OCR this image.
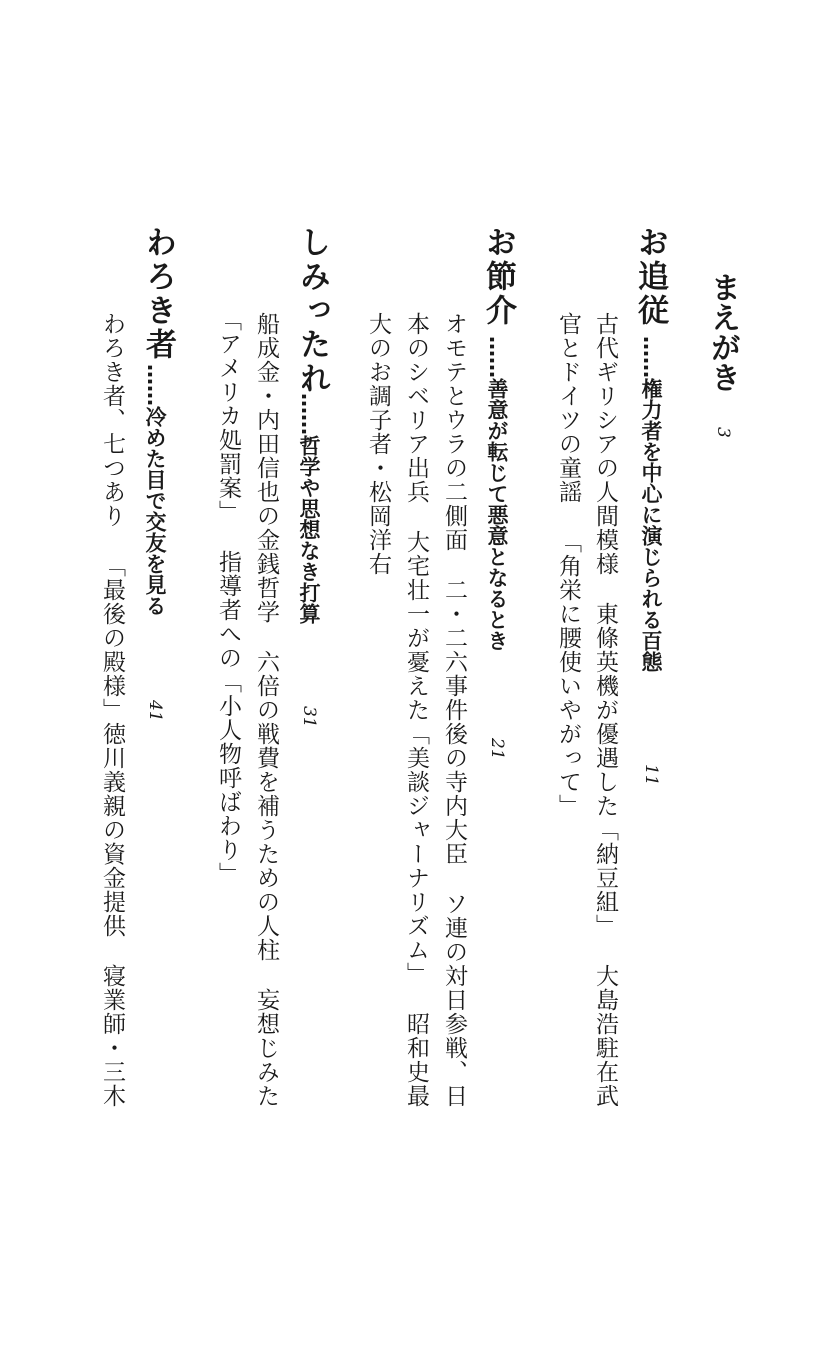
まえがき
3
お追従
……権力者を中心に演じられる百態
11
古代ギリシアの人間模様東條英機が優遇した「納豆組」大島浩駐在武
官とドイツの童謡「角栄に腰使いやがって」
お節介
……善意が転じて悪意となるとき
21
オモテとウラの二側面二・二六事件後の寺内大臣ソ連の対日参戦、日
本のシベリア出兵大宅壮一が憂えた「美談ジャーナリズム」昭和史最
大のお調子者・松岡洋右
しみったれ
……哲学や思想なき打算
31
船成金・内田信也の金銭哲学六倍の戦費を補うための人柱妄想じみた
「アメリカ処罰案」指導者への「小人物呼ばわり」
わろき者
……冷めた目で交友を見る
41
わろき者、七つあり「最後の殿様」徳川義親の資金提供寝業師・三木
